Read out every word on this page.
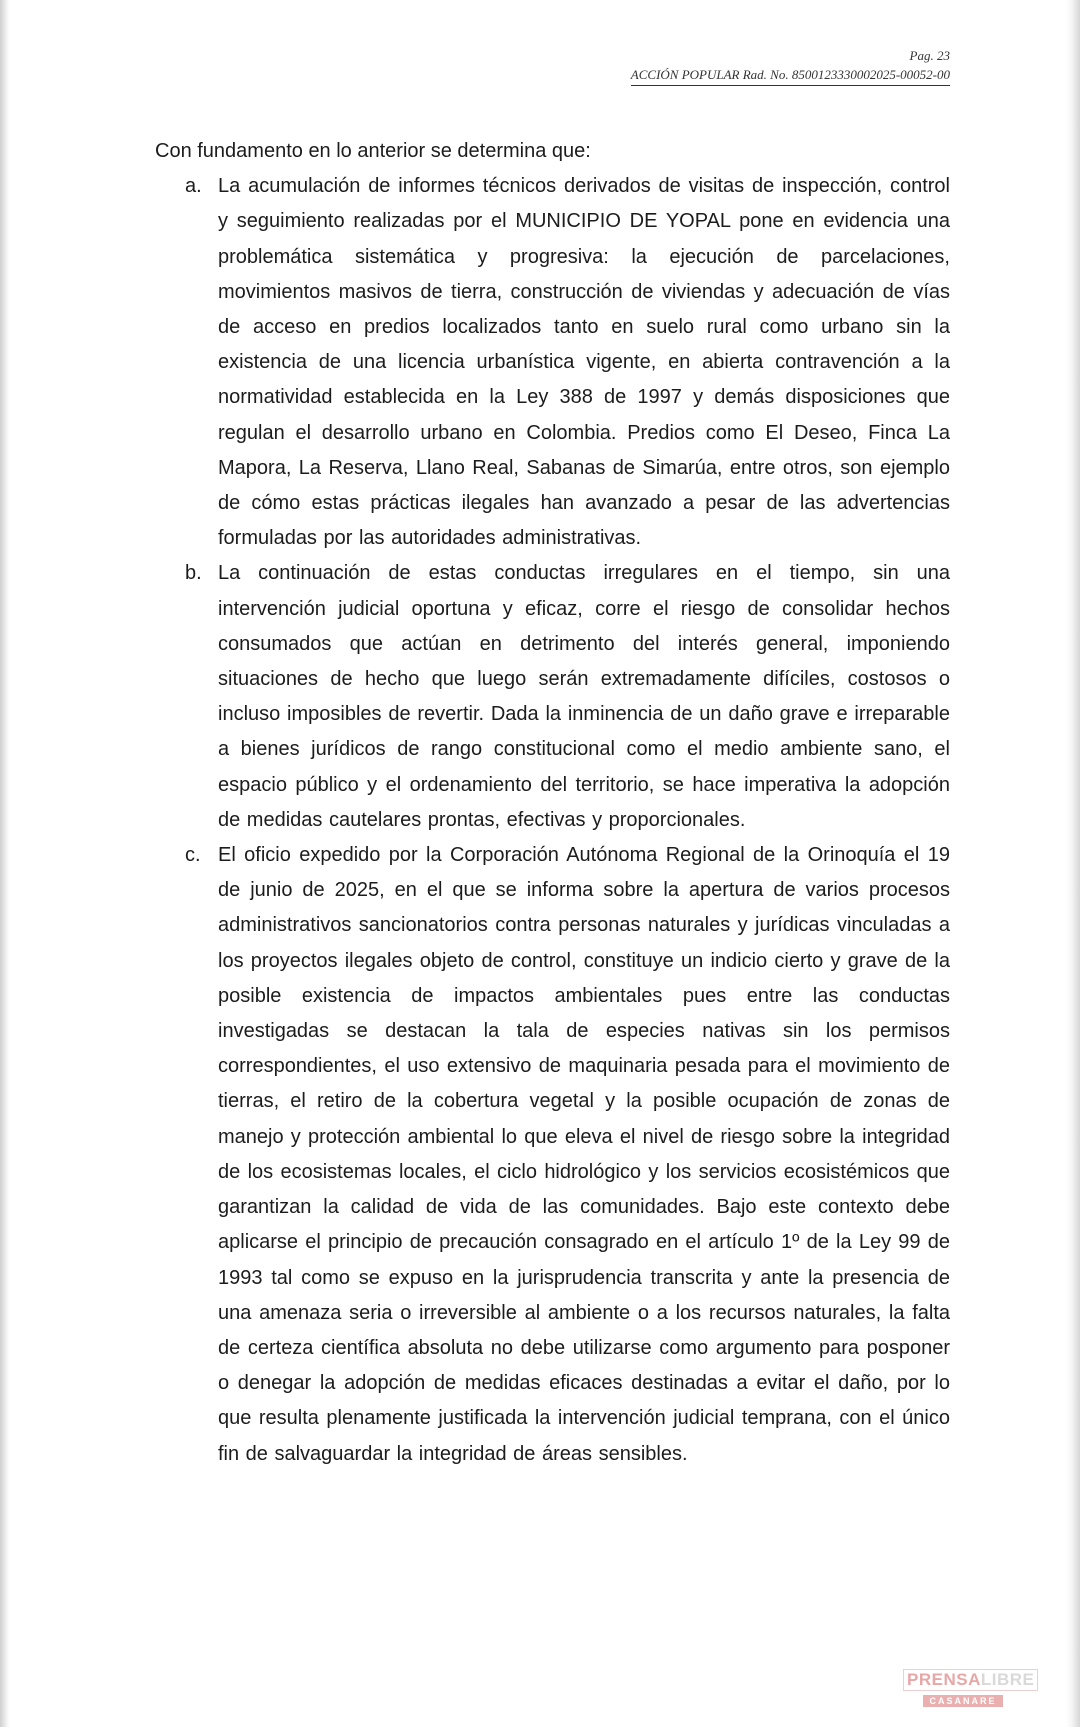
Pag. 23
ACCIÓN POPULAR Rad. No. 8500123330002025-00052-00

Con fundamento en lo anterior se determina que:

a. La acumulación de informes técnicos derivados de visitas de inspección, control y seguimiento realizadas por el MUNICIPIO DE YOPAL pone en evidencia una problemática sistemática y progresiva: la ejecución de parcelaciones, movimientos masivos de tierra, construcción de viviendas y adecuación de vías de acceso en predios localizados tanto en suelo rural como urbano sin la existencia de una licencia urbanística vigente, en abierta contravención a la normatividad establecida en la Ley 388 de 1997 y demás disposiciones que regulan el desarrollo urbano en Colombia. Predios como El Deseo, Finca La Mapora, La Reserva, Llano Real, Sabanas de Simarúa, entre otros, son ejemplo de cómo estas prácticas ilegales han avanzado a pesar de las advertencias formuladas por las autoridades administrativas.
b. La continuación de estas conductas irregulares en el tiempo, sin una intervención judicial oportuna y eficaz, corre el riesgo de consolidar hechos consumados que actúan en detrimento del interés general, imponiendo situaciones de hecho que luego serán extremadamente difíciles, costosos o incluso imposibles de revertir. Dada la inminencia de un daño grave e irreparable a bienes jurídicos de rango constitucional como el medio ambiente sano, el espacio público y el ordenamiento del territorio, se hace imperativa la adopción de medidas cautelares prontas, efectivas y proporcionales.
c. El oficio expedido por la Corporación Autónoma Regional de la Orinoquía el 19 de junio de 2025, en el que se informa sobre la apertura de varios procesos administrativos sancionatorios contra personas naturales y jurídicas vinculadas a los proyectos ilegales objeto de control, constituye un indicio cierto y grave de la posible existencia de impactos ambientales pues entre las conductas investigadas se destacan la tala de especies nativas sin los permisos correspondientes, el uso extensivo de maquinaria pesada para el movimiento de tierras, el retiro de la cobertura vegetal y la posible ocupación de zonas de manejo y protección ambiental lo que eleva el nivel de riesgo sobre la integridad de los ecosistemas locales, el ciclo hidrológico y los servicios ecosistémicos que garantizan la calidad de vida de las comunidades. Bajo este contexto debe aplicarse el principio de precaución consagrado en el artículo 1º de la Ley 99 de 1993 tal como se expuso en la jurisprudencia transcrita y ante la presencia de una amenaza seria o irreversible al ambiente o a los recursos naturales, la falta de certeza científica absoluta no debe utilizarse como argumento para posponer o denegar la adopción de medidas eficaces destinadas a evitar el daño, por lo que resulta plenamente justificada la intervención judicial temprana, con el único fin de salvaguardar la integridad de áreas sensibles.
PRENSALIBRE
CASANARE
